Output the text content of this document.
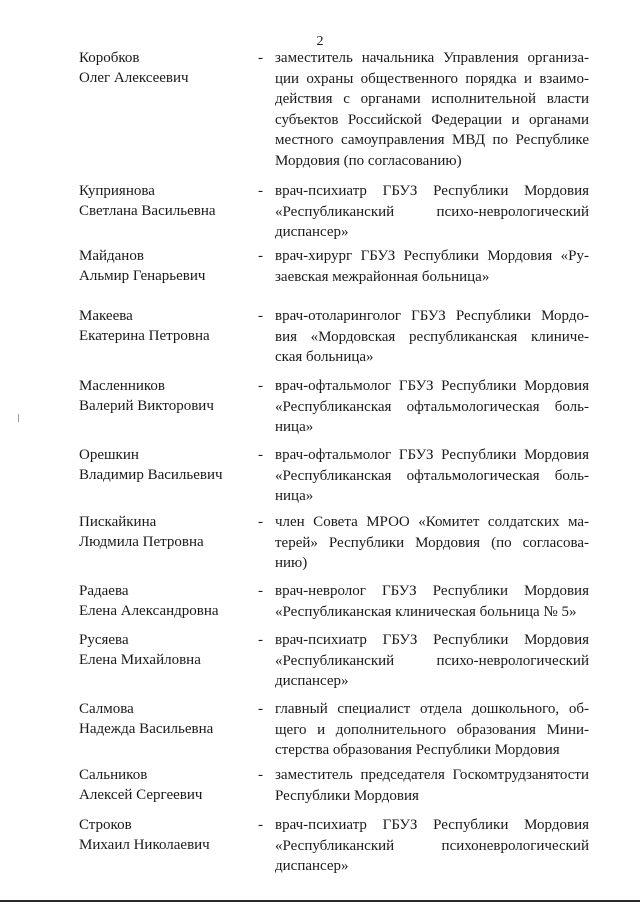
2
Коробков
Олег Алексеевич
- заместитель начальника Управления организа-
ции охраны общественного порядка и взаимо-
действия с органами исполнительной власти
субъектов Российской Федерации и органами
местного самоуправления МВД по Республике
Мордовия (по согласованию)
Куприянова
Светлана Васильевна
- врач-психиатр ГБУЗ Республики Мордовия
«Республиканский психо-неврологический
диспансер»
Майданов
Альмир Генарьевич
- врач-хирург ГБУЗ Республики Мордовия «Ру-
заевская межрайонная больница»
Макеева
Екатерина Петровна
- врач-отоларинголог ГБУЗ Республики Мордо-
вия «Мордовская республиканская клиниче-
ская больница»
Масленников
Валерий Викторович
- врач-офтальмолог ГБУЗ Республики Мордовия
«Республиканская офтальмологическая боль-
ница»
Орешкин
Владимир Васильевич
- врач-офтальмолог ГБУЗ Республики Мордовия
«Республиканская офтальмологическая боль-
ница»
Пискайкина
Людмила Петровна
- член Совета МРОО «Комитет солдатских ма-
терей» Республики Мордовия (по согласова-
нию)
Радаева
Елена Александровна
- врач-невролог ГБУЗ Республики Мордовия
«Республиканская клиническая больница № 5»
Русяева
Елена Михайловна
- врач-психиатр ГБУЗ Республики Мордовия
«Республиканский психо-неврологический
диспансер»
Салмова
Надежда Васильевна
- главный специалист отдела дошкольного, об-
щего и дополнительного образования Мини-
стерства образования Республики Мордовия
Сальников
Алексей Сергеевич
- заместитель председателя Госкомтрудзанятости
Республики Мордовия
Строков
Михаил Николаевич
- врач-психиатр ГБУЗ Республики Мордовия
«Республиканский психоневрологический
диспансер»
